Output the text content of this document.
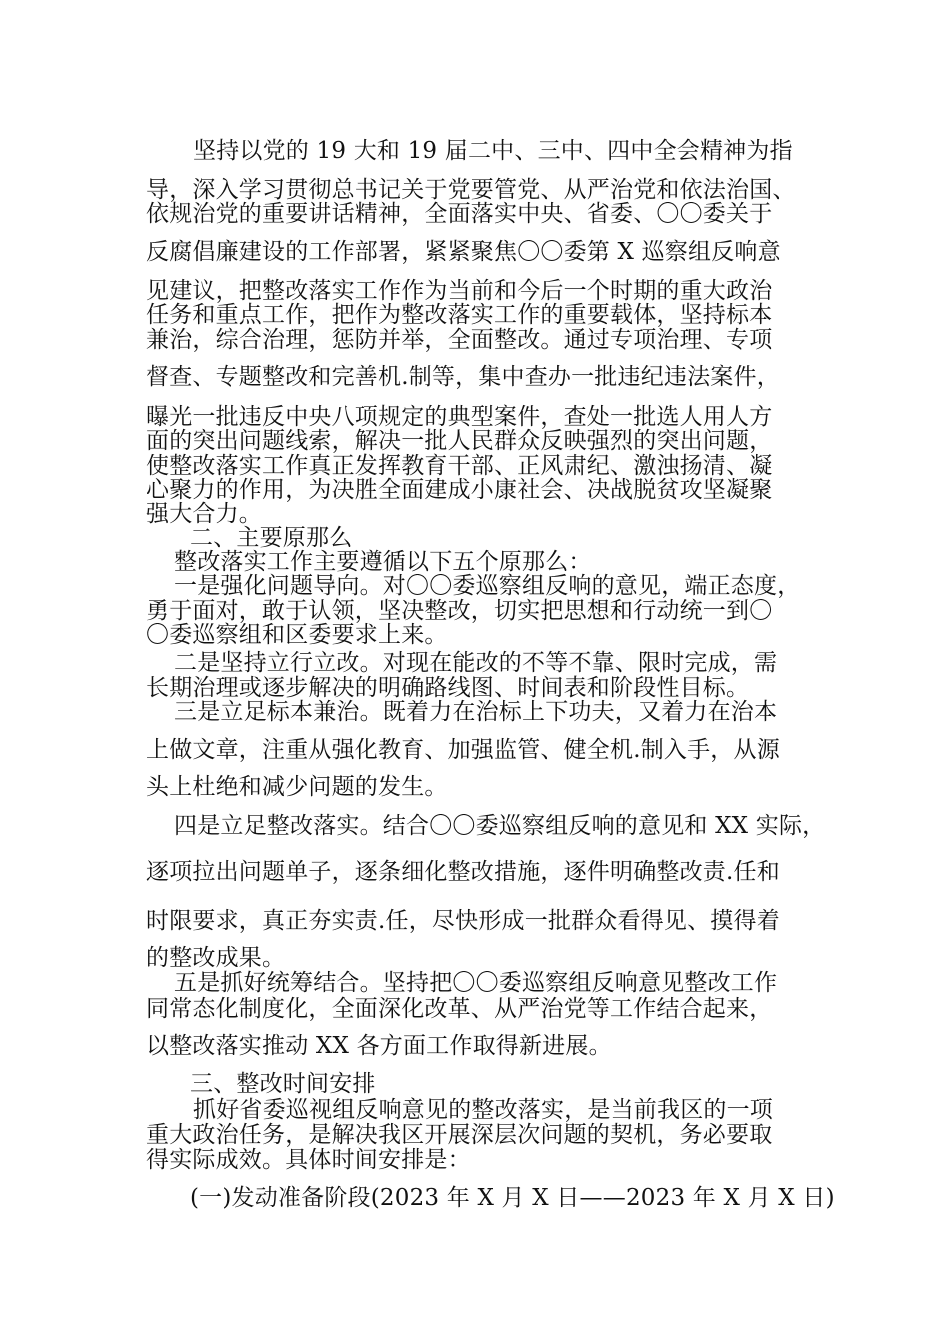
坚持以党的 19 大和 19 届二中、三中、四中全会精神为指
导，深入学习贯彻总书记关于党要管党、从严治党和依法治国、
依规治党的重要讲话精神，全面落实中央、省委、〇〇委关于
反腐倡廉建设的工作部署，紧紧聚焦〇〇委第 X 巡察组反响意
见建议，把整改落实工作作为当前和今后一个时期的重大政治
任务和重点工作，把作为整改落实工作的重要载体，坚持标本
兼治，综合治理，惩防并举，全面整改。通过专项治理、专项
督查、专题整改和完善机.制等，集中查办一批违纪违法案件，
曝光一批违反中央八项规定的典型案件，查处一批选人用人方
面的突出问题线索，解决一批人民群众反映强烈的突出问题，
使整改落实工作真正发挥教育干部、正风肃纪、激浊扬清、凝
心聚力的作用，为决胜全面建成小康社会、决战脱贫攻坚凝聚
强大合力。
二、主要原那么
整改落实工作主要遵循以下五个原那么：
一是强化问题导向。对〇〇委巡察组反响的意见，端正态度，
勇于面对，敢于认领，坚决整改，切实把思想和行动统一到〇
〇委巡察组和区委要求上来。
二是坚持立行立改。对现在能改的不等不靠、限时完成，需
长期治理或逐步解决的明确路线图、时间表和阶段性目标。
三是立足标本兼治。既着力在治标上下功夫，又着力在治本
上做文章，注重从强化教育、加强监管、健全机.制入手，从源
头上杜绝和减少问题的发生。
四是立足整改落实。结合〇〇委巡察组反响的意见和 XX 实际，
逐项拉出问题单子，逐条细化整改措施，逐件明确整改责.任和
时限要求，真正夯实责.任，尽快形成一批群众看得见、摸得着
的整改成果。
五是抓好统筹结合。坚持把〇〇委巡察组反响意见整改工作
同常态化制度化，全面深化改革、从严治党等工作结合起来，
以整改落实推动 XX 各方面工作取得新进展。
三、整改时间安排
抓好省委巡视组反响意见的整改落实，是当前我区的一项
重大政治任务，是解决我区开展深层次问题的契机，务必要取
得实际成效。具体时间安排是：
(一)发动准备阶段(2023 年 X 月 X 日——2023 年 X 月 X 日)
